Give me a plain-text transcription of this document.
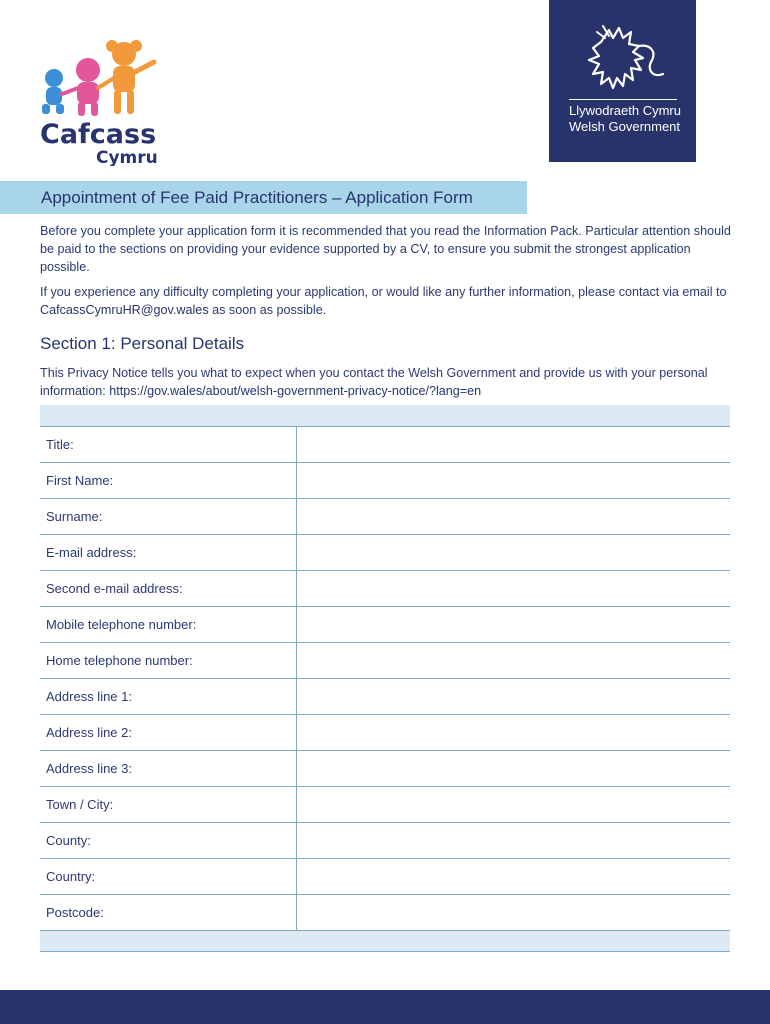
Cafcass
Cymru
Llywodraeth Cymru
Welsh Government
Appointment of Fee Paid Practitioners – Application Form

Before you complete your application form it is recommended that you read the Information Pack. Particular attention should be paid to the sections on providing your evidence supported by a CV, to ensure you submit the strongest application possible.

If you experience any difficulty completing your application, or would like any further information, please contact via email to CafcassCymruHR@gov.wales as soon as possible.

Section 1: Personal Details

This Privacy Notice tells you what to expect when you contact the Welsh Government and provide us with your personal information: https://gov.wales/about/welsh-government-privacy-notice/?lang=en

Title:	
First Name:	
Surname:	
E-mail address:	
Second e-mail address:	
Mobile telephone number:	
Home telephone number:	
Address line 1:	
Address line 2:	
Address line 3:	
Town / City:	
County:	
Country:	
Postcode:	
